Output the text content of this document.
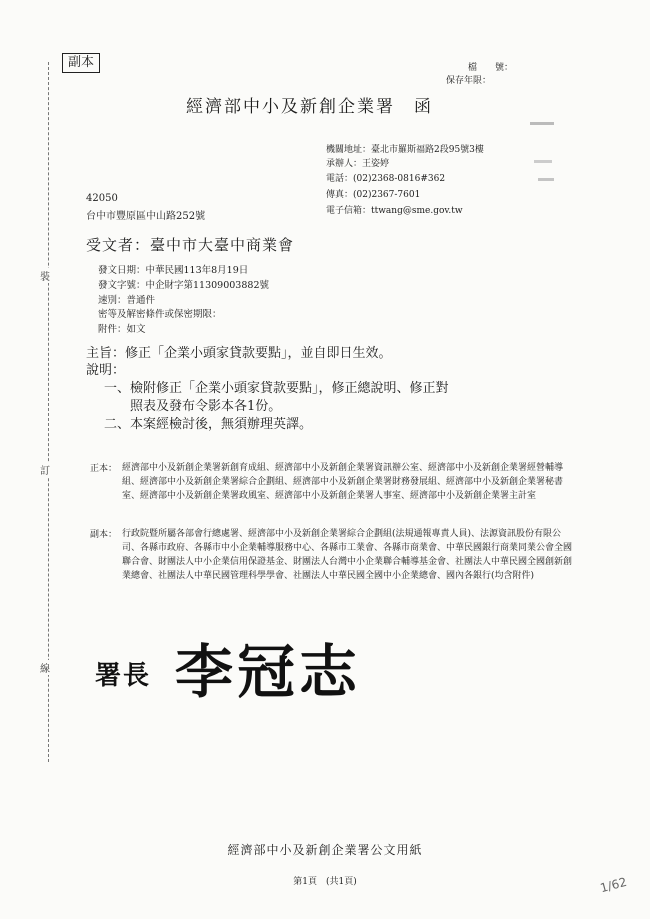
副本
裝
訂
線
檔　　號：
保存年限：
經濟部中小及新創企業署　函
機關地址：臺北市羅斯福路2段95號3樓
承辦人：王姿婷
電話：(02)2368-0816#362
傳真：(02)2367-7601
電子信箱：ttwang@sme.gov.tw
42050
台中市豐原區中山路252號
受文者：臺中市大臺中商業會
發文日期：中華民國113年8月19日
發文字號：中企財字第11309003882號
速別：普通件
密等及解密條件或保密期限：
附件：如文
主旨：修正「企業小頭家貸款要點」，並自即日生效。
說明：
一、檢附修正「企業小頭家貸款要點」，修正總說明、修正對
照表及發布令影本各1份。
二、本案經檢討後，無須辦理英譯。
正本： 經濟部中小及新創企業署新創育成組、經濟部中小及新創企業署資訊辦公室、經濟部中小及新創企業署經營輔導組、經濟部中小及新創企業署綜合企劃組、經濟部中小及新創企業署財務發展組、經濟部中小及新創企業署秘書室、經濟部中小及新創企業署政風室、經濟部中小及新創企業署人事室、經濟部中小及新創企業署主計室
副本： 行政院暨所屬各部會行總處署、經濟部中小及新創企業署綜合企劃組(法規通報專責人員)、法源資訊股份有限公司、各縣市政府、各縣市中小企業輔導服務中心、各縣市工業會、各縣市商業會、中華民國銀行商業同業公會全國聯合會、財團法人中小企業信用保證基金、財團法人台灣中小企業聯合輔導基金會、社團法人中華民國全國創新創業總會、社團法人中華民國管理科學學會、社團法人中華民國全國中小企業總會、國內各銀行(均含附件)
署長 李冠志
經濟部中小及新創企業署公文用紙
第1頁　(共1頁)	1/62
